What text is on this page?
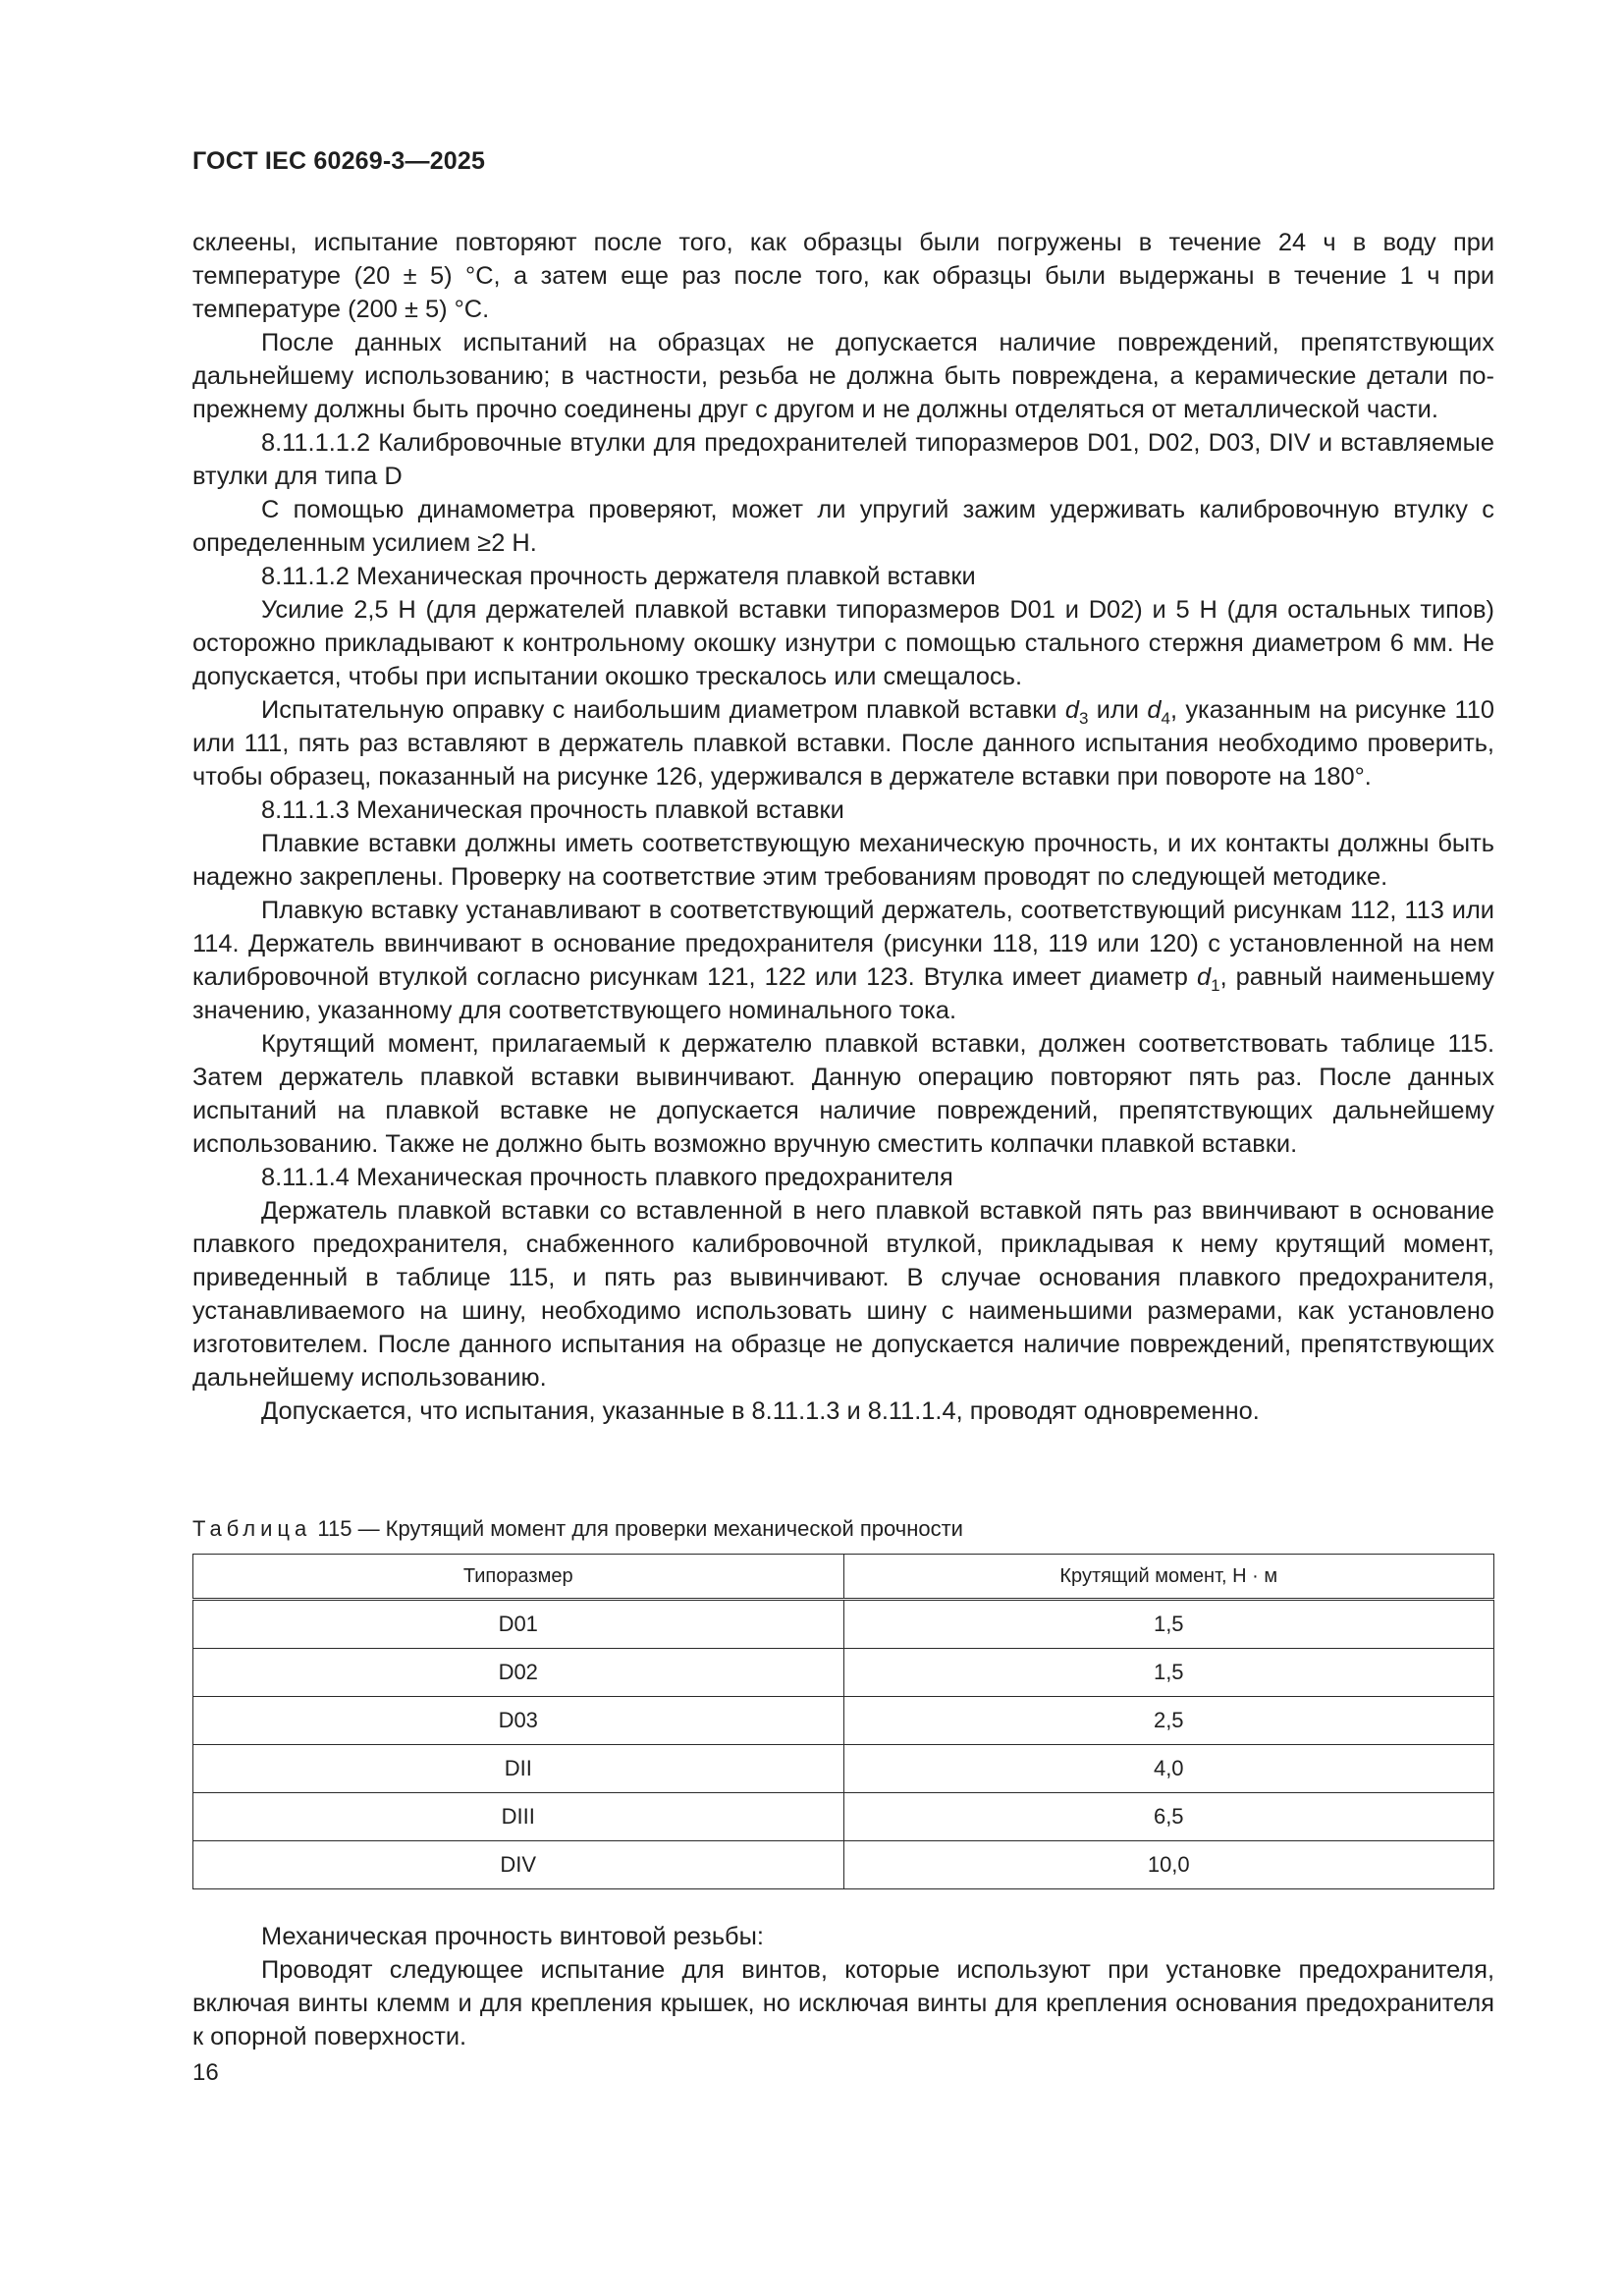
ГОСТ IEC 60269-3—2025

склеены, испытание повторяют после того, как образцы были погружены в течение 24 ч в воду при температуре (20 ± 5) °С, а затем еще раз после того, как образцы были выдержаны в течение 1 ч при температуре (200 ± 5) °С.

После данных испытаний на образцах не допускается наличие повреждений, препятствующих дальнейшему использованию; в частности, резьба не должна быть повреждена, а керамические детали по-прежнему должны быть прочно соединены друг с другом и не должны отделяться от металлической части.

8.11.1.1.2 Калибровочные втулки для предохранителей типоразмеров D01, D02, D03, DIV и вставляемые втулки для типа D

С помощью динамометра проверяют, может ли упругий зажим удерживать калибровочную втулку с определенным усилием ≥2 Н.

8.11.1.2 Механическая прочность держателя плавкой вставки

Усилие 2,5 Н (для держателей плавкой вставки типоразмеров D01 и D02) и 5 Н (для остальных типов) осторожно прикладывают к контрольному окошку изнутри с помощью стального стержня диаметром 6 мм. Не допускается, чтобы при испытании окошко трескалось или смещалось.

Испытательную оправку с наибольшим диаметром плавкой вставки $d_3$ или $d_4$, указанным на рисунке 110 или 111, пять раз вставляют в держатель плавкой вставки. После данного испытания необходимо проверить, чтобы образец, показанный на рисунке 126, удерживался в держателе вставки при повороте на 180°.

8.11.1.3 Механическая прочность плавкой вставки

Плавкие вставки должны иметь соответствующую механическую прочность, и их контакты должны быть надежно закреплены. Проверку на соответствие этим требованиям проводят по следующей методике.

Плавкую вставку устанавливают в соответствующий держатель, соответствующий рисункам 112, 113 или 114. Держатель ввинчивают в основание предохранителя (рисунки 118, 119 или 120) с установленной на нем калибровочной втулкой согласно рисункам 121, 122 или 123. Втулка имеет диаметр $d_1$, равный наименьшему значению, указанному для соответствующего номинального тока.

Крутящий момент, прилагаемый к держателю плавкой вставки, должен соответствовать таблице 115. Затем держатель плавкой вставки вывинчивают. Данную операцию повторяют пять раз. После данных испытаний на плавкой вставке не допускается наличие повреждений, препятствующих дальнейшему использованию. Также не должно быть возможно вручную сместить колпачки плавкой вставки.

8.11.1.4 Механическая прочность плавкого предохранителя

Держатель плавкой вставки со вставленной в него плавкой вставкой пять раз ввинчивают в основание плавкого предохранителя, снабженного калибровочной втулкой, прикладывая к нему крутящий момент, приведенный в таблице 115, и пять раз вывинчивают. В случае основания плавкого предохранителя, устанавливаемого на шину, необходимо использовать шину с наименьшими размерами, как установлено изготовителем. После данного испытания на образце не допускается наличие повреждений, препятствующих дальнейшему использованию.

Допускается, что испытания, указанные в 8.11.1.3 и 8.11.1.4, проводят одновременно.

Таблица 115 — Крутящий момент для проверки механической прочности
Типоразмер	Крутящий момент, Н · м
D01	1,5
D02	1,5
D03	2,5
DII	4,0
DIII	6,5
DIV	10,0

Механическая прочность винтовой резьбы:

Проводят следующее испытание для винтов, которые используют при установке предохранителя, включая винты клемм и для крепления крышек, но исключая винты для крепления основания предохранителя к опорной поверхности.

16
